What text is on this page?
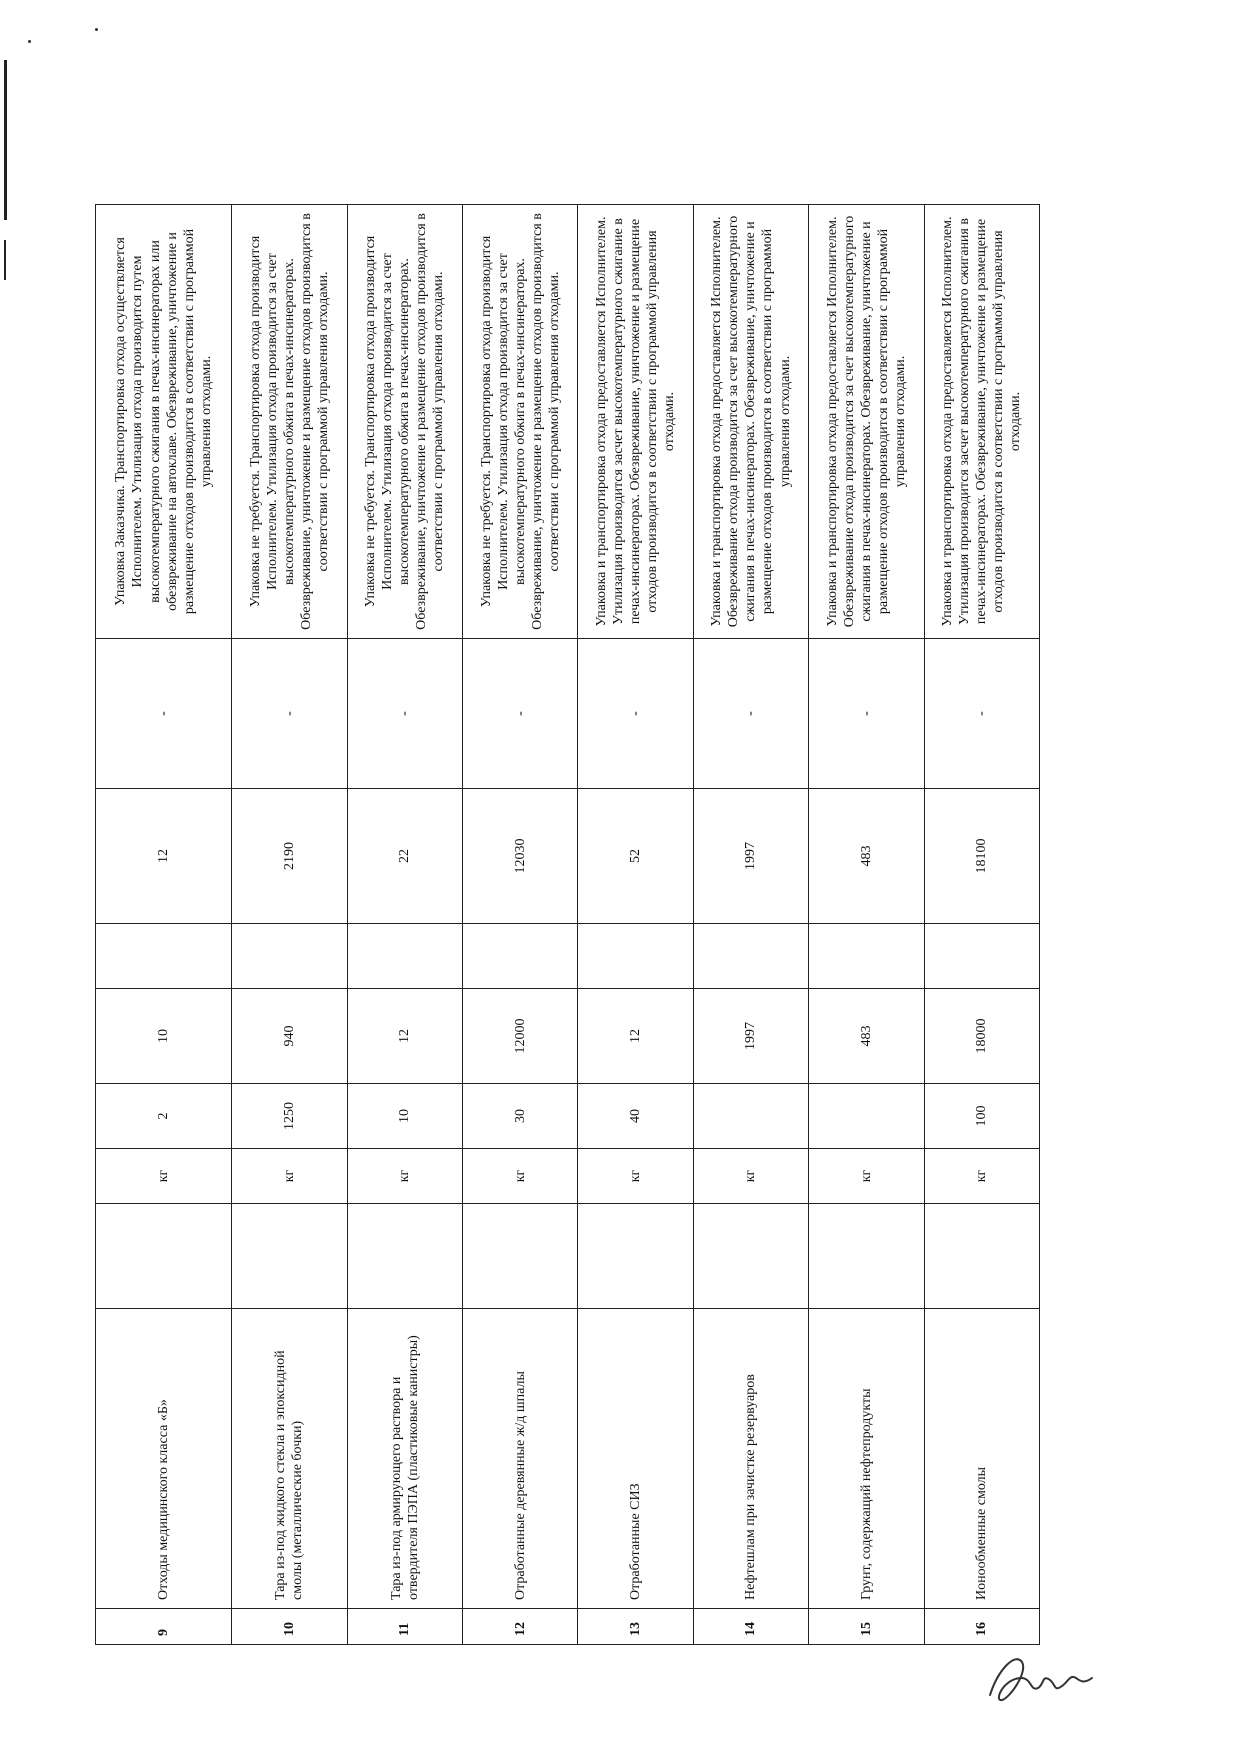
9	Отходы медицинского класса «Б»		кг	2	10		12	-	Упаковка Заказчика. Транспортировка отхода осуществляется Исполнителем. Утилизация отхода производится путем высокотемпературного сжигания в печах-инсинераторах или обезвреживание на автоклаве. Обезвреживание, уничтожение и размещение отходов производится в соответствии с программой управления отходами.
10	Тара из-под жидкого стекла и эпоксидной смолы (металлические бочки)		кг	1250	940		2190	-	Упаковка не требуется. Транспортировка отхода производится Исполнителем. Утилизация отхода производится за счет высокотемпературного обжига в печах-инсинераторах. Обезвреживание, уничтожение и размещение отходов производится в соответствии с программой управления отходами.
11	Тара из-под армирующего раствора и отвердителя ПЭПА (пластиковые канистры)		кг	10	12		22	-	Упаковка не требуется. Транспортировка отхода производится Исполнителем. Утилизация отхода производится за счет высокотемпературного обжига в печах-инсинераторах. Обезвреживание, уничтожение и размещение отходов производится в соответствии с программой управления отходами.
12	Отработанные деревянные ж/д шпалы		кг	30	12000		12030	-	Упаковка не требуется. Транспортировка отхода производится Исполнителем. Утилизация отхода производится за счет высокотемпературного обжига в печах-инсинераторах. Обезвреживание, уничтожение и размещение отходов производится в соответствии с программой управления отходами.
13	Отработанные СИЗ		кг	40	12		52	-	Упаковка и транспортировка отхода предоставляется Исполнителем. Утилизация производится засчет высокотемпературного сжигание в печах-инсинераторах. Обезвреживание, уничтожение и размещение отходов производится в соответствии с программой управления отходами.
14	Нефтешлам при зачистке резервуаров		кг		1997		1997	-	Упаковка и транспортировка отхода предоставляется Исполнителем. Обезвреживание отхода производится за счет высокотемпературного сжигания в печах-инсинераторах. Обезвреживание, уничтожение и размещение отходов производится в соответствии с программой управления отходами.
15	Грунт, содержащий нефтепродукты		кг		483		483	-	Упаковка и транспортировка отхода предоставляется Исполнителем. Обезвреживание отхода производится за счет высокотемпературного сжигания в печах-инсинераторах. Обезвреживание, уничтожение и размещение отходов производится в соответствии с программой управления отходами.
16	Ионообменные смолы		кг	100	18000		18100	-	Упаковка и транспортировка отхода предоставляется Исполнителем. Утилизация производится засчет высокотемпературного сжигания в печах-инсинераторах. Обезвреживание, уничтожение и размещение отходов производится в соответствии с программой управления отходами.
